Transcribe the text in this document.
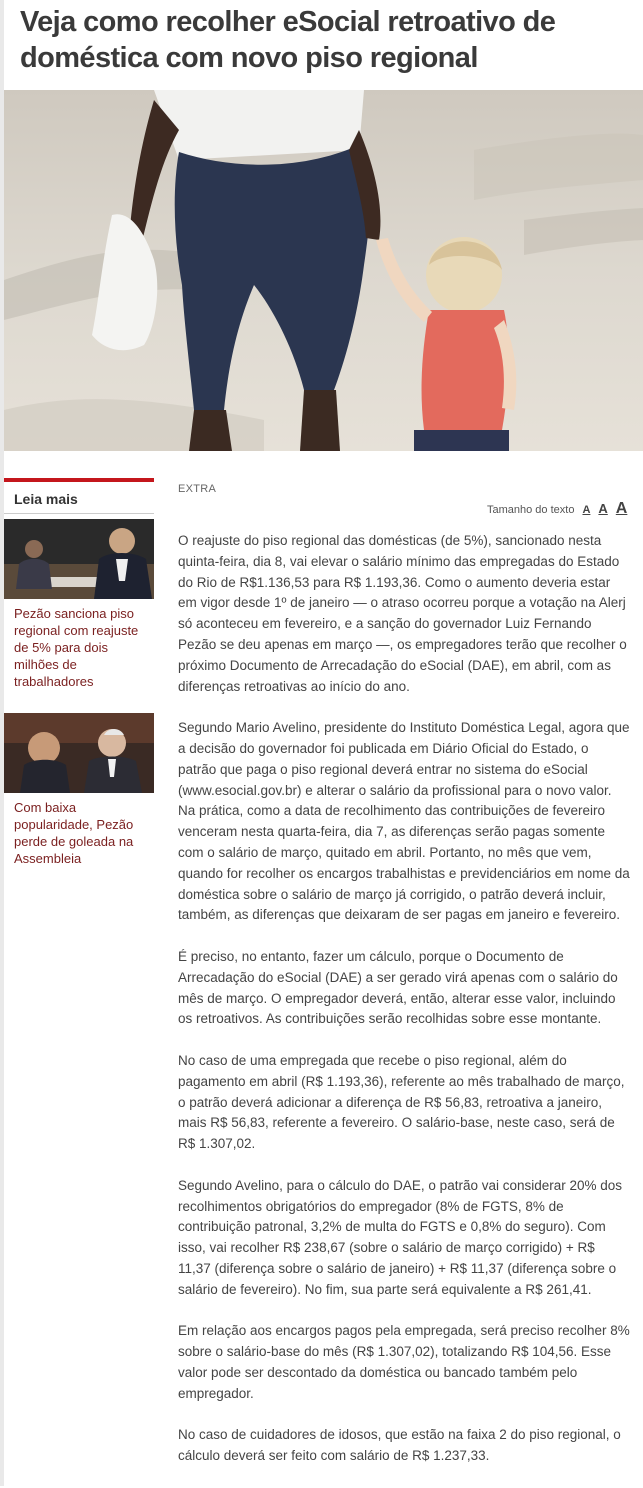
Veja como recolher eSocial retroativo de doméstica com novo piso regional
Leia mais
Pezão sanciona piso regional com reajuste de 5% para dois milhões de trabalhadores
Com baixa popularidade, Pezão perde de goleada na Assembleia
EXTRA
Tamanho do texto A A A

O reajuste do piso regional das domésticas (de 5%), sancionado nesta quinta-feira, dia 8, vai elevar o salário mínimo das empregadas do Estado do Rio de R$1.136,53 para R$ 1.193,36. Como o aumento deveria estar em vigor desde 1º de janeiro — o atraso ocorreu porque a votação na Alerj só aconteceu em fevereiro, e a sanção do governador Luiz Fernando Pezão se deu apenas em março —, os empregadores terão que recolher o próximo Documento de Arrecadação do eSocial (DAE), em abril, com as diferenças retroativas ao início do ano.

Segundo Mario Avelino, presidente do Instituto Doméstica Legal, agora que a decisão do governador foi publicada em Diário Oficial do Estado, o patrão que paga o piso regional deverá entrar no sistema do eSocial (www.esocial.gov.br) e alterar o salário da profissional para o novo valor. Na prática, como a data de recolhimento das contribuições de fevereiro venceram nesta quarta-feira, dia 7, as diferenças serão pagas somente com o salário de março, quitado em abril. Portanto, no mês que vem, quando for recolher os encargos trabalhistas e previdenciários em nome da doméstica sobre o salário de março já corrigido, o patrão deverá incluir, também, as diferenças que deixaram de ser pagas em janeiro e fevereiro.

É preciso, no entanto, fazer um cálculo, porque o Documento de Arrecadação do eSocial (DAE) a ser gerado virá apenas com o salário do mês de março. O empregador deverá, então, alterar esse valor, incluindo os retroativos. As contribuições serão recolhidas sobre esse montante.

No caso de uma empregada que recebe o piso regional, além do pagamento em abril (R$ 1.193,36), referente ao mês trabalhado de março, o patrão deverá adicionar a diferença de R$ 56,83, retroativa a janeiro, mais R$ 56,83, referente a fevereiro. O salário-base, neste caso, será de R$ 1.307,02.

Segundo Avelino, para o cálculo do DAE, o patrão vai considerar 20% dos recolhimentos obrigatórios do empregador (8% de FGTS, 8% de contribuição patronal, 3,2% de multa do FGTS e 0,8% do seguro). Com isso, vai recolher R$ 238,67 (sobre o salário de março corrigido) + R$ 11,37 (diferença sobre o salário de janeiro) + R$ 11,37 (diferença sobre o salário de fevereiro). No fim, sua parte será equivalente a R$ 261,41.

Em relação aos encargos pagos pela empregada, será preciso recolher 8% sobre o salário-base do mês (R$ 1.307,02), totalizando R$ 104,56. Esse valor pode ser descontado da doméstica ou bancado também pelo empregador.

No caso de cuidadores de idosos, que estão na faixa 2 do piso regional, o cálculo deverá ser feito com salário de R$ 1.237,33.
